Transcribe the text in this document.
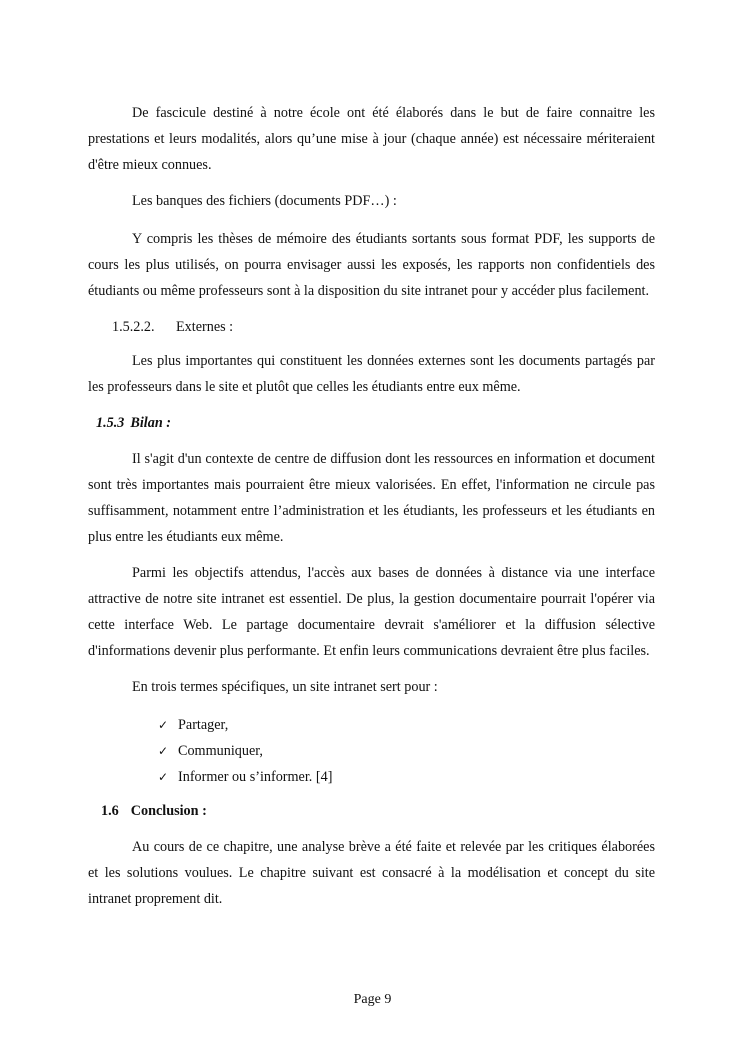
De fascicule destiné à notre école ont été élaborés dans le but de faire connaitre les prestations et leurs modalités, alors qu’une mise à jour (chaque année) est nécessaire mériteraient d'être mieux connues.

Les banques des fichiers (documents PDF…) :

Y compris les thèses de mémoire des étudiants sortants sous format PDF, les supports de cours les plus utilisés, on pourra envisager aussi les exposés, les rapports non confidentiels des étudiants ou même professeurs sont à la disposition du site intranet pour y accéder plus facilement.

1.5.2.2. Externes :

Les plus importantes qui constituent les données externes sont les documents partagés par les professeurs dans le site et plutôt que celles les étudiants entre eux même.

1.5.3 Bilan :

Il s'agit d'un contexte de centre de diffusion dont les ressources en information et document sont très importantes mais pourraient être mieux valorisées. En effet, l'information ne circule pas suffisamment, notamment entre l’administration et les étudiants, les professeurs et les étudiants en plus entre les étudiants eux même.

Parmi les objectifs attendus, l'accès aux bases de données à distance via une interface attractive de notre site intranet est essentiel. De plus, la gestion documentaire pourrait l'opérer via cette interface Web. Le partage documentaire devrait s'améliorer et la diffusion sélective d'informations devenir plus performante. Et enfin leurs communications devraient être plus faciles.

En trois termes spécifiques, un site intranet sert pour :

✓ Partager,
✓ Communiquer,
✓ Informer ou s’informer. [4]
1.6 Conclusion :

Au cours de ce chapitre, une analyse brève a été faite et relevée par les critiques élaborées et les solutions voulues. Le chapitre suivant est consacré à la modélisation et concept du site intranet proprement dit.

Page 9
